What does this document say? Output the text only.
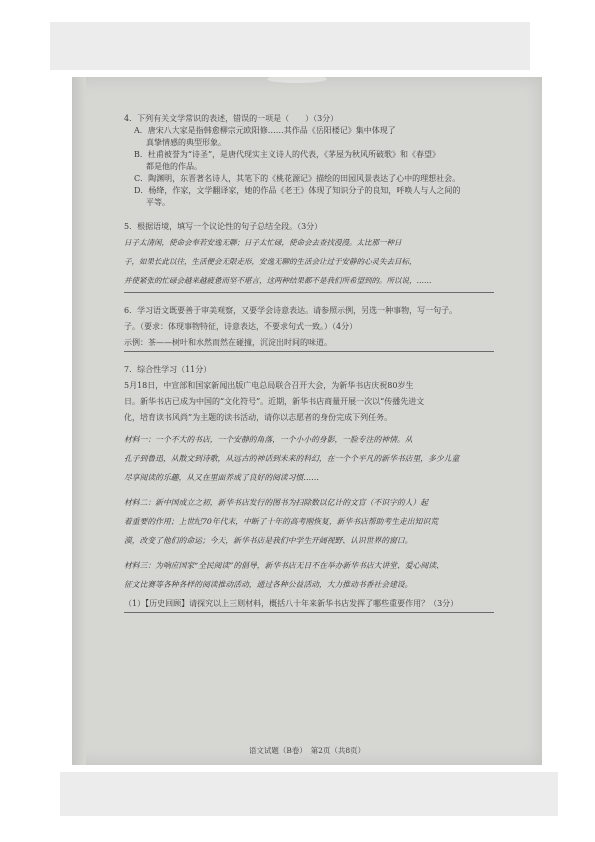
4．下列有关文学常识的表述，错误的一项是（　　）（3分）
A．唐宋八大家是指韩愈柳宗元欧阳修……其作品《岳阳楼记》集中体现了
真挚情感的典型形象。
B．杜甫被誉为“诗圣”，是唐代现实主义诗人的代表，《茅屋为秋风所破歌》和《春望》
都是他的作品。
C．陶渊明，东晋著名诗人，其笔下的《桃花源记》描绘的田园风景表达了心中的理想社会。
D．杨绛，作家，文学翻译家，她的作品《老王》体现了知识分子的良知，呼唤人与人之间的
平等。
5．根据语境，填写一个议论性的句子总结全段。（3分）
日子太清闲，使命会奉若安逸无聊；日子太忙碌，使命会去查找漫漫。太比那一种日
子，如果长此以往，生活便会无限走形，安逸无聊的生活会让过于安静的心灵失去目标，
并使紧张的忙碌会越来越疲惫而坚不堪言，这两种结果都不是我们所希望到的。所以说，……
6．学习语文既要善于审美观察，又要学会诗意表达。请参照示例，另选一种事物，写一句子。
子。（要求：体现事物特征，诗意表达，不要求句式一致。）（4分）
示例：茶——树叶和水然而然在碰撞，沉淀出时间的味道。
7．综合性学习（11分）
5月18日，中宣部和国家新闻出版广电总局联合召开大会，为新华书店庆祝80岁生
日。新华书店已成为中国的“文化符号”。近期，新华书店商量开展一次以“传播先进文
化，培育读书风尚”为主题的读书活动，请你以志愿者的身份完成下列任务。
材料一：一个不大的书店，一个安静的角落，一个小小的身影，一脸专注的神情。从
孔子到鲁迅，从散文到诗歌，从远古的神话到未来的科幻，在一个个平凡的新华书店里，多少儿童
尽享阅读的乐趣，从又在里面养成了良好的阅读习惯……
材料二：新中国成立之初，新华书店发行的图书为扫除数以亿计的文盲（不识字的人）起
着重要的作用；上世纪70年代末，中断了十年的高考刚恢复，新华书店帮助考生走出知识荒
漠，改变了他们的命运；今天，新华书店是我们中学生开阔视野、认识世界的窗口。
材料三：为响应国家“全民阅读”的倡导，新华书店无日不在举办新华书店大讲堂、爱心阅读、
征文比赛等各种各样的阅读推动活动，通过各种公益活动，大力推动书香社会建设。
（1）【历史回顾】请探究以上三则材料，概括八十年来新华书店发挥了哪些重要作用？（3分）
语文试题（B卷）　第2页（共8页）
